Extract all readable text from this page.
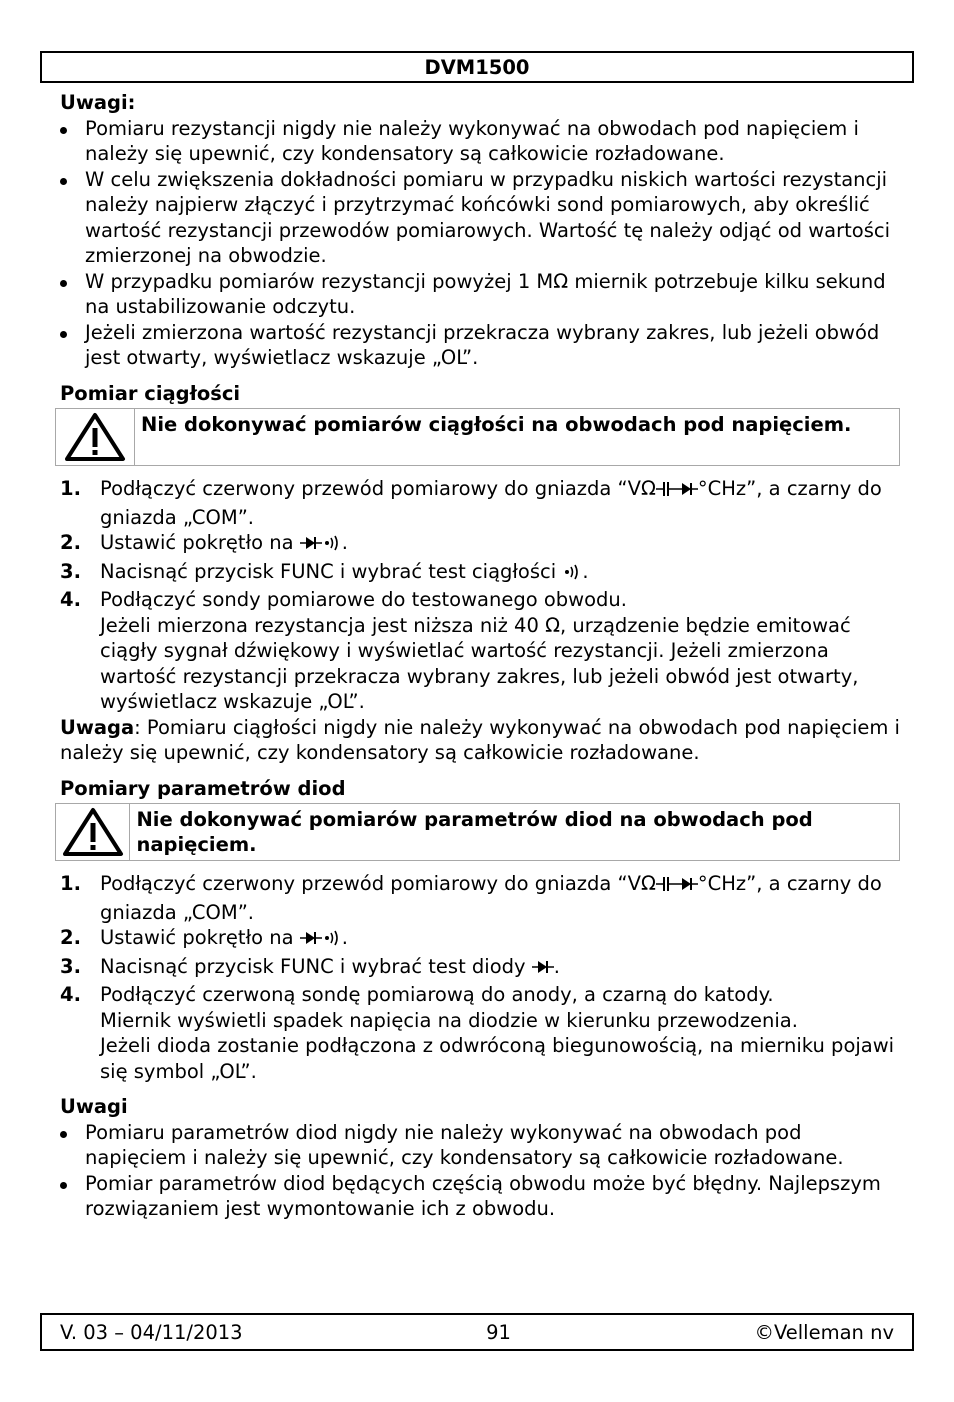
DVM1500
Uwagi:
Pomiaru rezystancji nigdy nie należy wykonywać na obwodach pod napięciem i należy się upewnić, czy kondensatory są całkowicie rozładowane.
W celu zwiększenia dokładności pomiaru w przypadku niskich wartości rezystancji należy najpierw złączyć i przytrzymać końcówki sond pomiarowych, aby określić wartość rezystancji przewodów pomiarowych. Wartość tę należy odjąć od wartości zmierzonej na obwodzie.
W przypadku pomiarów rezystancji powyżej 1 MΩ miernik potrzebuje kilku sekund na ustabilizowanie odczytu.
Jeżeli zmierzona wartość rezystancji przekracza wybrany zakres, lub jeżeli obwód jest otwarty, wyświetlacz wskazuje „OL”.
Pomiar ciągłości
Nie dokonywać pomiarów ciągłości na obwodach pod napięciem.
1. Podłączyć czerwony przewód pomiarowy do gniazda “VΩ °CHz”, a czarny do gniazda „COM”.
2. Ustawić pokrętło na .
3. Nacisnąć przycisk FUNC i wybrać test ciągłości .
4. Podłączyć sondy pomiarowe do testowanego obwodu.
Jeżeli mierzona rezystancja jest niższa niż 40 Ω, urządzenie będzie emitować ciągły sygnał dźwiękowy i wyświetlać wartość rezystancji. Jeżeli zmierzona wartość rezystancji przekracza wybrany zakres, lub jeżeli obwód jest otwarty, wyświetlacz wskazuje „OL”.

Uwaga: Pomiaru ciągłości nigdy nie należy wykonywać na obwodach pod napięciem i należy się upewnić, czy kondensatory są całkowicie rozładowane.

Pomiary parametrów diod
Nie dokonywać pomiarów parametrów diod na obwodach pod napięciem.
1. Podłączyć czerwony przewód pomiarowy do gniazda “VΩ °CHz”, a czarny do gniazda „COM”.
2. Ustawić pokrętło na .
3. Nacisnąć przycisk FUNC i wybrać test diody .
4. Podłączyć czerwoną sondę pomiarową do anody, a czarną do katody.
Miernik wyświetli spadek napięcia na diodzie w kierunku przewodzenia.
Jeżeli dioda zostanie podłączona z odwróconą biegunowością, na mierniku pojawi się symbol „OL”.
Uwagi
Pomiaru parametrów diod nigdy nie należy wykonywać na obwodach pod napięciem i należy się upewnić, czy kondensatory są całkowicie rozładowane.
Pomiar parametrów diod będących częścią obwodu może być błędny. Najlepszym rozwiązaniem jest wymontowanie ich z obwodu.
V. 03 – 04/11/2013	91	©Velleman nv
